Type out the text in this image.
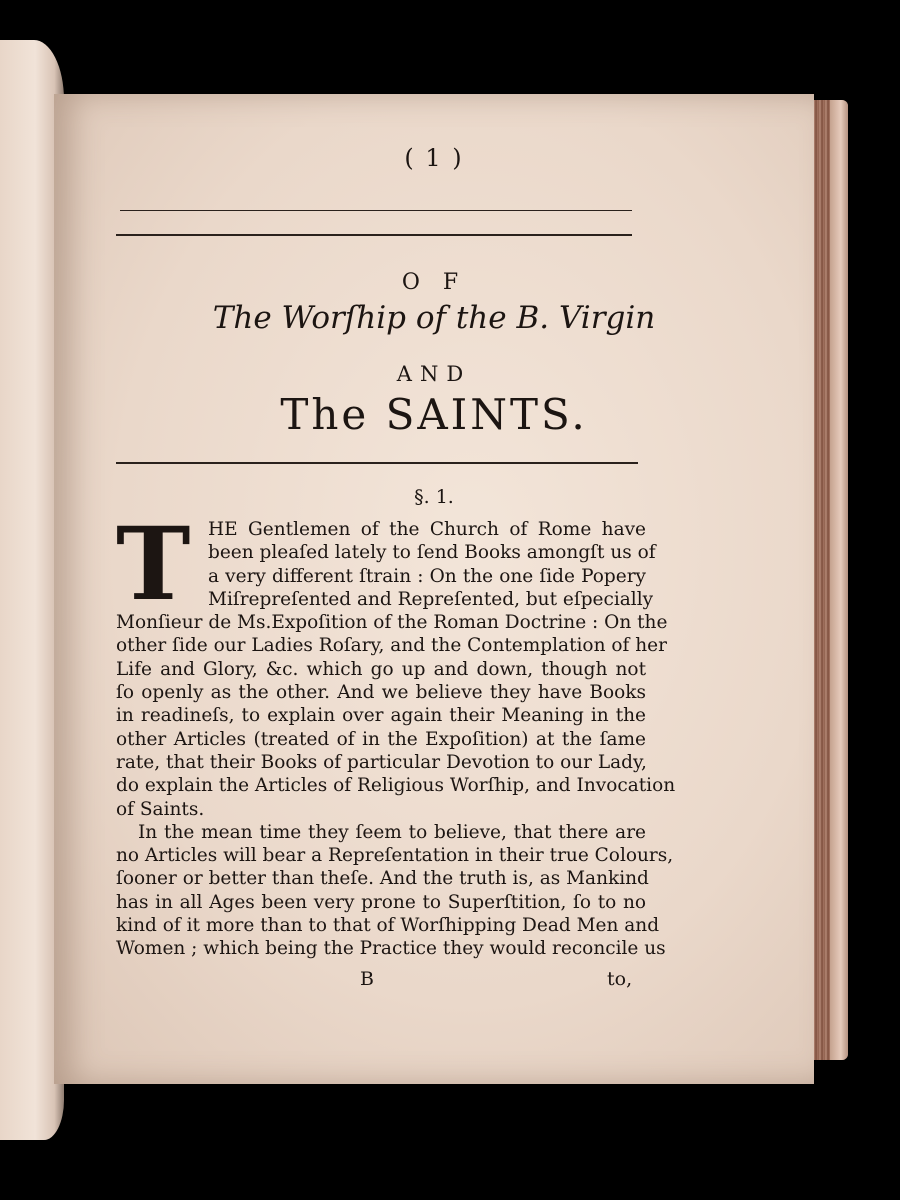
( 1 )
O F
The Worſhip of the B. Virgin
AND
The SAINTS.
§. 1.
T HE Gentlemen of the Church of Rome have
been pleaſed lately to ſend Books amongſt us of
a very different ſtrain : On the one ſide Popery
Miſrepreſented and Repreſented, but eſpecially
Monſieur de Ms.Expoſition of the Roman Doctrine : On the
other ſide our Ladies Roſary, and the Contemplation of her
Life and Glory, &c. which go up and down, though not
ſo openly as the other. And we believe they have Books
in readineſs, to explain over again their Meaning in the
other Articles (treated of in the Expoſition) at the ſame
rate, that their Books of particular Devotion to our Lady,
do explain the Articles of Religious Worſhip, and Invocation
of Saints.
In the mean time they ſeem to believe, that there are
no Articles will bear a Repreſentation in their true Colours,
ſooner or better than theſe. And the truth is, as Mankind
has in all Ages been very prone to Superſtition, ſo to no
kind of it more than to that of Worſhipping Dead Men and
Women ; which being the Practice they would reconcile us
B	to,
